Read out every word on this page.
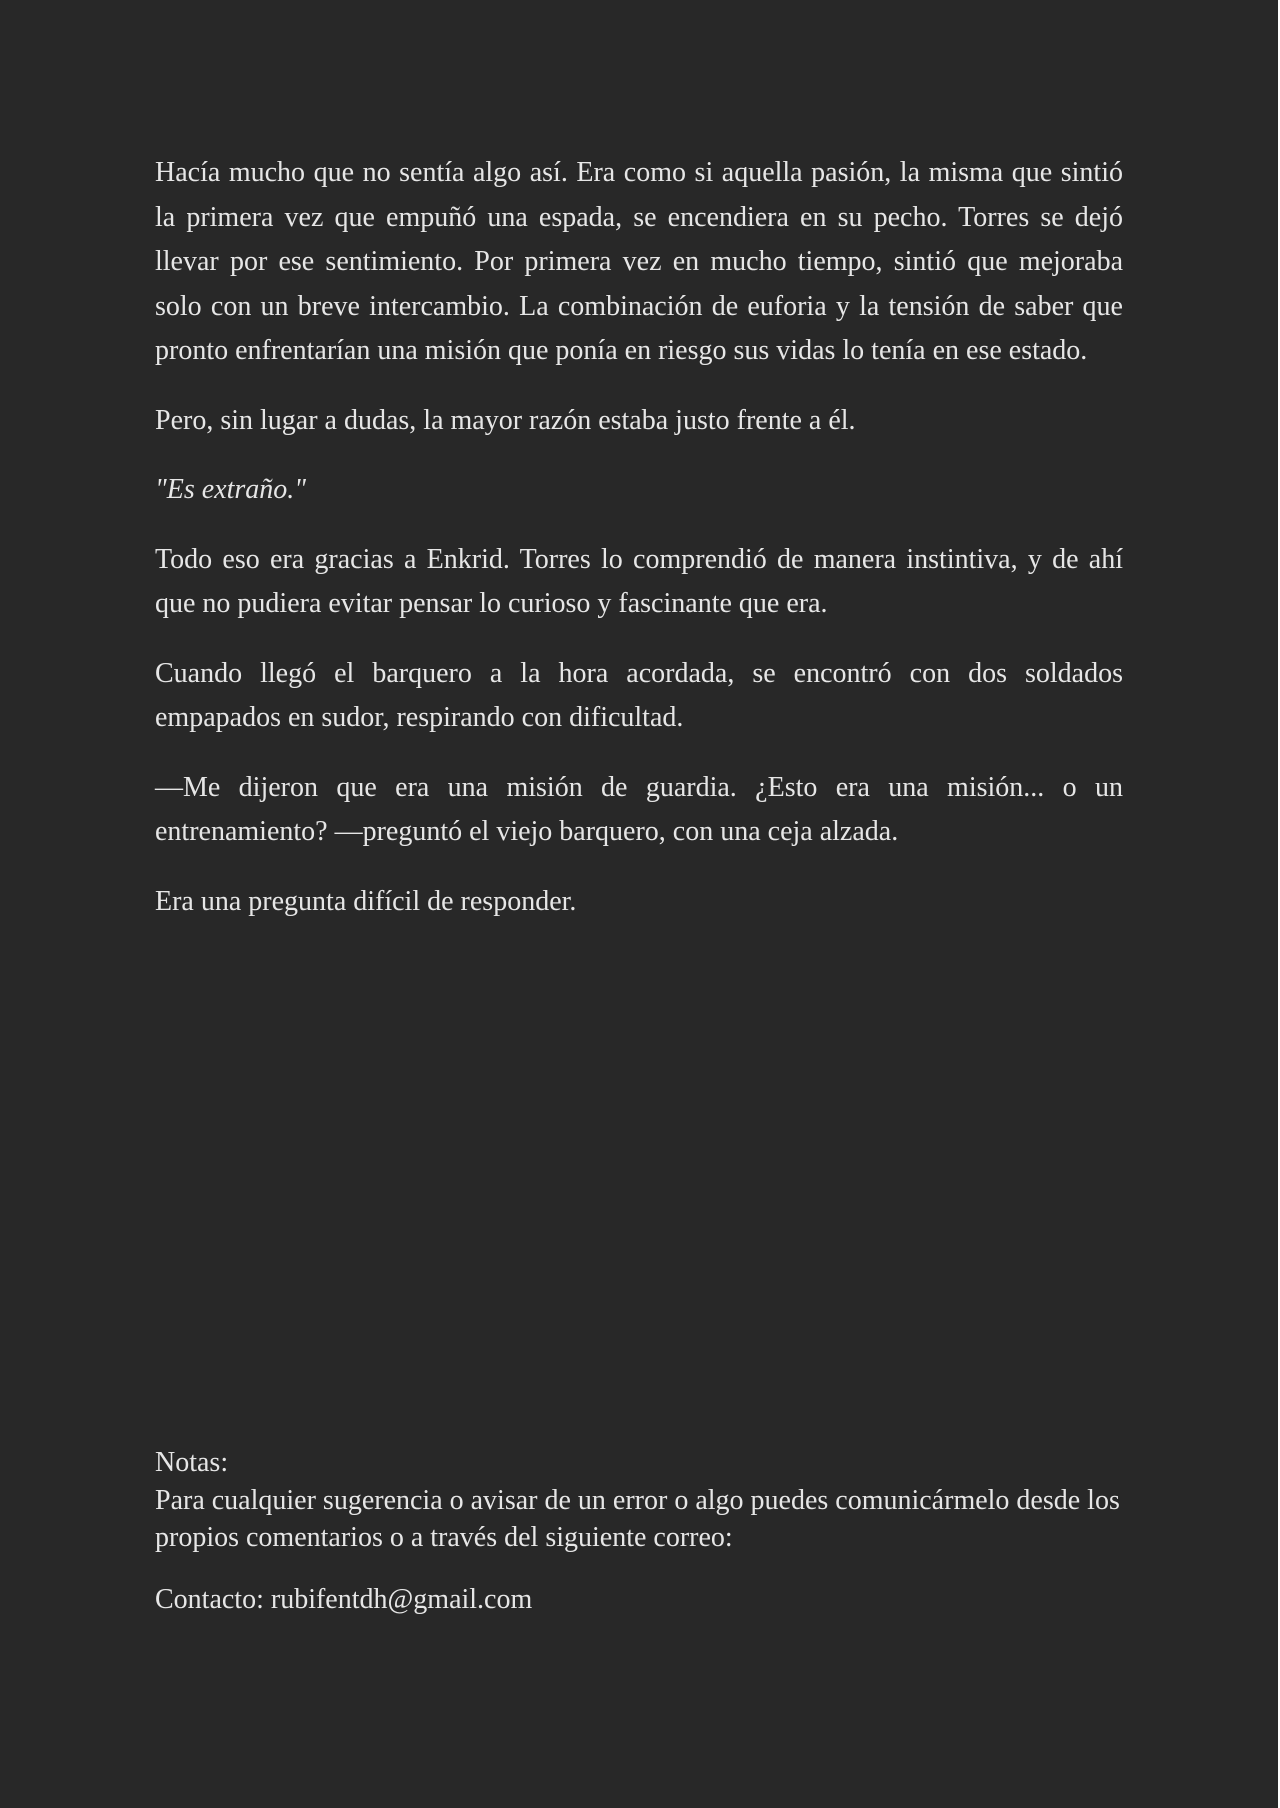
Hacía mucho que no sentía algo así. Era como si aquella pasión, la misma que sintió la primera vez que empuñó una espada, se encendiera en su pecho. Torres se dejó llevar por ese sentimiento. Por primera vez en mucho tiempo, sintió que mejoraba solo con un breve intercambio. La combinación de euforia y la tensión de saber que pronto enfrentarían una misión que ponía en riesgo sus vidas lo tenía en ese estado.

Pero, sin lugar a dudas, la mayor razón estaba justo frente a él.

"Es extraño."

Todo eso era gracias a Enkrid. Torres lo comprendió de manera instintiva, y de ahí que no pudiera evitar pensar lo curioso y fascinante que era.

Cuando llegó el barquero a la hora acordada, se encontró con dos soldados empapados en sudor, respirando con dificultad.

—Me dijeron que era una misión de guardia. ¿Esto era una misión... o un entrenamiento? —preguntó el viejo barquero, con una ceja alzada.

Era una pregunta difícil de responder.

Notas:

Para cualquier sugerencia o avisar de un error o algo puedes comunicármelo desde los propios comentarios o a través del siguiente correo:

Contacto: rubifentdh@gmail.com
